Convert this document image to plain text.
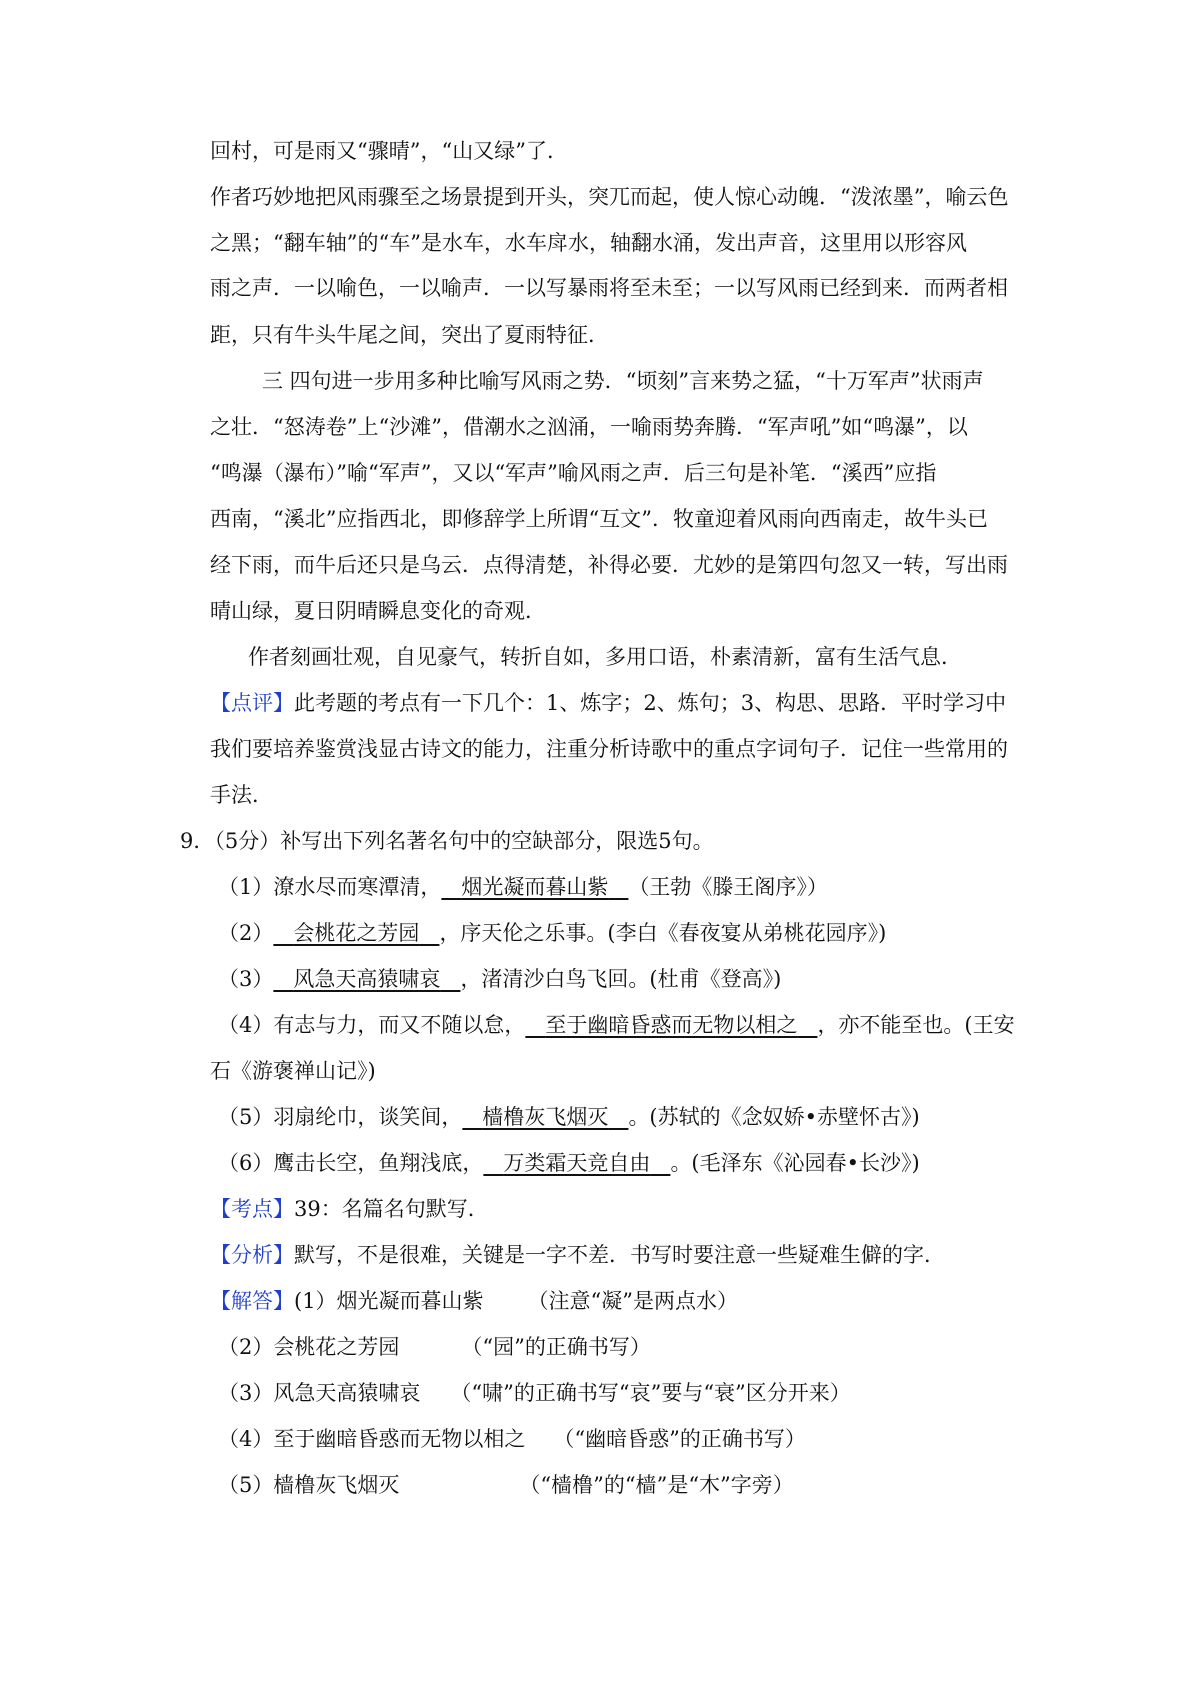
回村，可是雨又“骤晴”，“山又绿”了．
作者巧妙地把风雨骤至之场景提到开头，突兀而起，使人惊心动魄．“泼浓墨”，喻云色
之黑；“翻车轴”的“车”是水车，水车戽水，轴翻水涌，发出声音，这里用以形容风
雨之声．一以喻色，一以喻声．一以写暴雨将至未至；一以写风雨已经到来．而两者相
距，只有牛头牛尾之间，突出了夏雨特征．
三 四句进一步用多种比喻写风雨之势．“顷刻”言来势之猛，“十万军声”状雨声
之壮．“怒涛卷”上“沙滩”，借潮水之汹涌，一喻雨势奔腾．“军声吼”如“鸣瀑”，以
“鸣瀑（瀑布）”喻“军声”，又以“军声”喻风雨之声．后三句是补笔．“溪西”应指
西南，“溪北”应指西北，即修辞学上所谓“互文”．牧童迎着风雨向西南走，故牛头已
经下雨，而牛后还只是乌云．点得清楚，补得必要．尤妙的是第四句忽又一转，写出雨
晴山绿，夏日阴晴瞬息变化的奇观．
作者刻画壮观，自见豪气，转折自如，多用口语，朴素清新，富有生活气息．
【点评】此考题的考点有一下几个：1、炼字；2、炼句；3、构思、思路．平时学习中
我们要培养鉴赏浅显古诗文的能力，注重分析诗歌中的重点字词句子．记住一些常用的
手法．
9．（5分）补写出下列名著名句中的空缺部分，限选5句。
（1）潦水尽而寒潭清， 烟光凝而暮山紫 （王勃《滕王阁序》）
（2） 会桃花之芳园 ，序天伦之乐事。(李白《春夜宴从弟桃花园序》)
（3） 风急天高猿啸哀 ，渚清沙白鸟飞回。(杜甫《登高》)
（4）有志与力，而又不随以怠， 至于幽暗昏惑而无物以相之 ，亦不能至也。(王安
石《游褒禅山记》)
（5）羽扇纶巾，谈笑间， 樯橹灰飞烟灭 。(苏轼的《念奴娇•赤壁怀古》)
（6）鹰击长空，鱼翔浅底， 万类霜天竞自由 。(毛泽东《沁园春•长沙》)
【考点】39：名篇名句默写．
【分析】默写，不是很难，关键是一字不差．书写时要注意一些疑难生僻的字．
【解答】(1）烟光凝而暮山紫 （注意“凝”是两点水）
（2）会桃花之芳园	（“园”的正确书写）
（3）风急天高猿啸哀 （“啸”的正确书写“哀”要与“衰”区分开来）
（4）至于幽暗昏惑而无物以相之 （“幽暗昏惑”的正确书写）
（5）樯橹灰飞烟灭	（“樯橹”的“樯”是“木”字旁）
